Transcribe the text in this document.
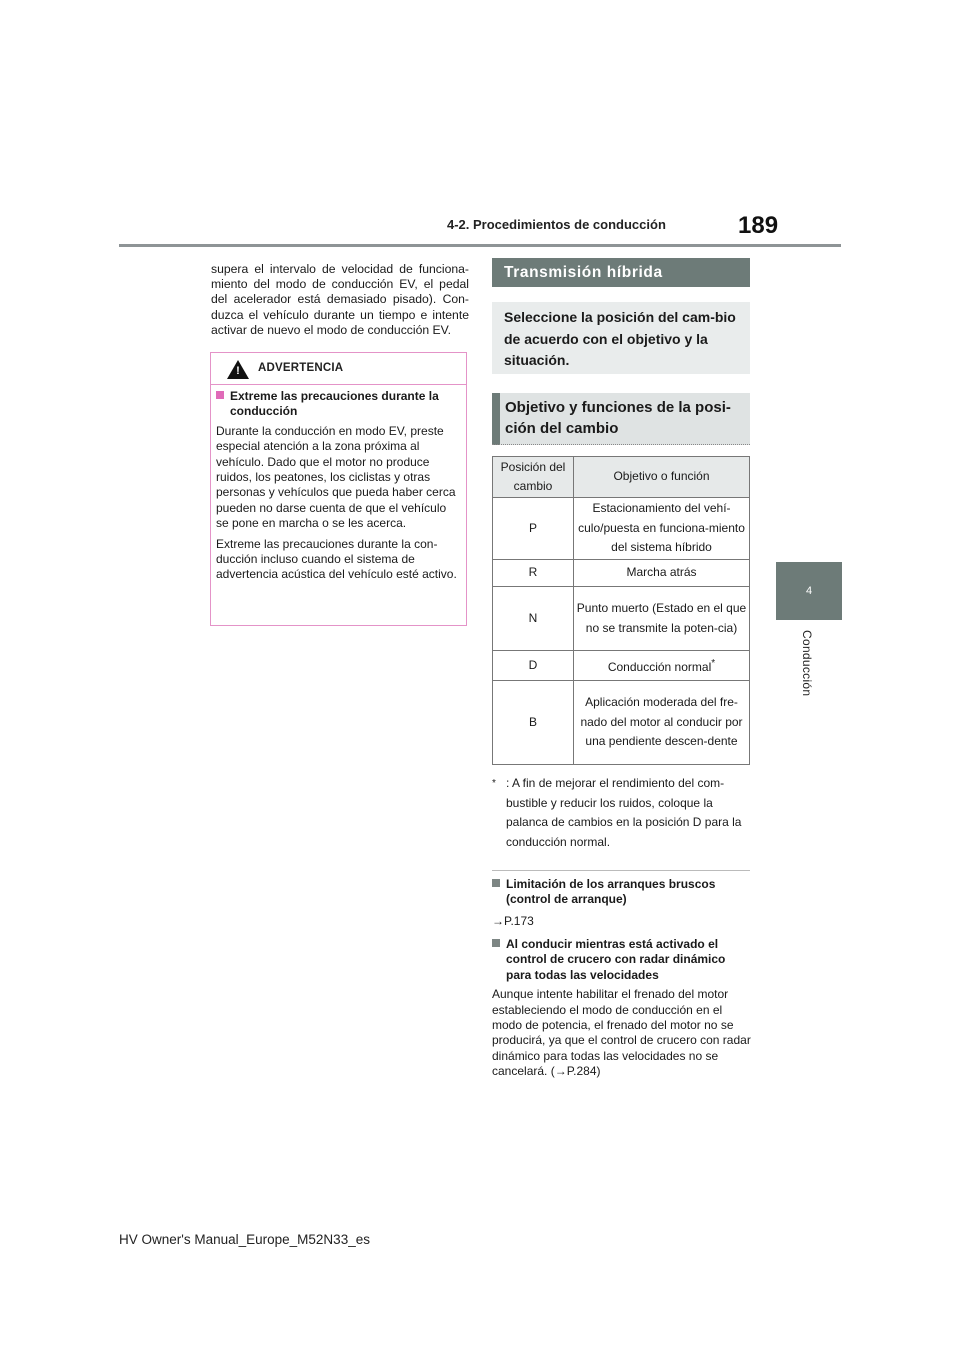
4-2. Procedimientos de conducción	189
4
Conducción
supera el intervalo de velocidad de funciona-miento del modo de conducción EV, el pedal del acelerador está demasiado pisado). Con-duzca el vehículo durante un tiempo e intente activar de nuevo el modo de conducción EV.
! ADVERTENCIA
Extreme las precauciones durante la conducción

Durante la conducción en modo EV, preste especial atención a la zona próxima al vehículo. Dado que el motor no produce ruidos, los peatones, los ciclistas y otras personas y vehículos que pueda haber cerca pueden no darse cuenta de que el vehículo se pone en marcha o se les acerca.

Extreme las precauciones durante la con-ducción incluso cuando el sistema de advertencia acústica del vehículo esté activo.

Transmisión híbrida
Seleccione la posición del cam-bio de acuerdo con el objetivo y la situación.
Objetivo y funciones de la posi-ción del cambio
Posición del cambio	Objetivo o función
P	Estacionamiento del vehí-culo/puesta en funciona-miento del sistema híbrido
R	Marcha atrás
N	Punto muerto (Estado en el que no se transmite la poten-cia)
D	Conducción normal*
B	Aplicación moderada del fre-nado del motor al conducir por una pendiente descen-dente
* : A fin de mejorar el rendimiento del com-bustible y reducir los ruidos, coloque la palanca de cambios en la posición D para la conducción normal.
Limitación de los arranques bruscos (control de arranque)
→P.173
Al conducir mientras está activado el control de crucero con radar dinámico para todas las velocidades
Aunque intente habilitar el frenado del motor estableciendo el modo de conducción en el modo de potencia, el frenado del motor no se producirá, ya que el control de crucero con radar dinámico para todas las velocidades no se cancelará. (→P.284)
HV Owner's Manual_Europe_M52N33_es
